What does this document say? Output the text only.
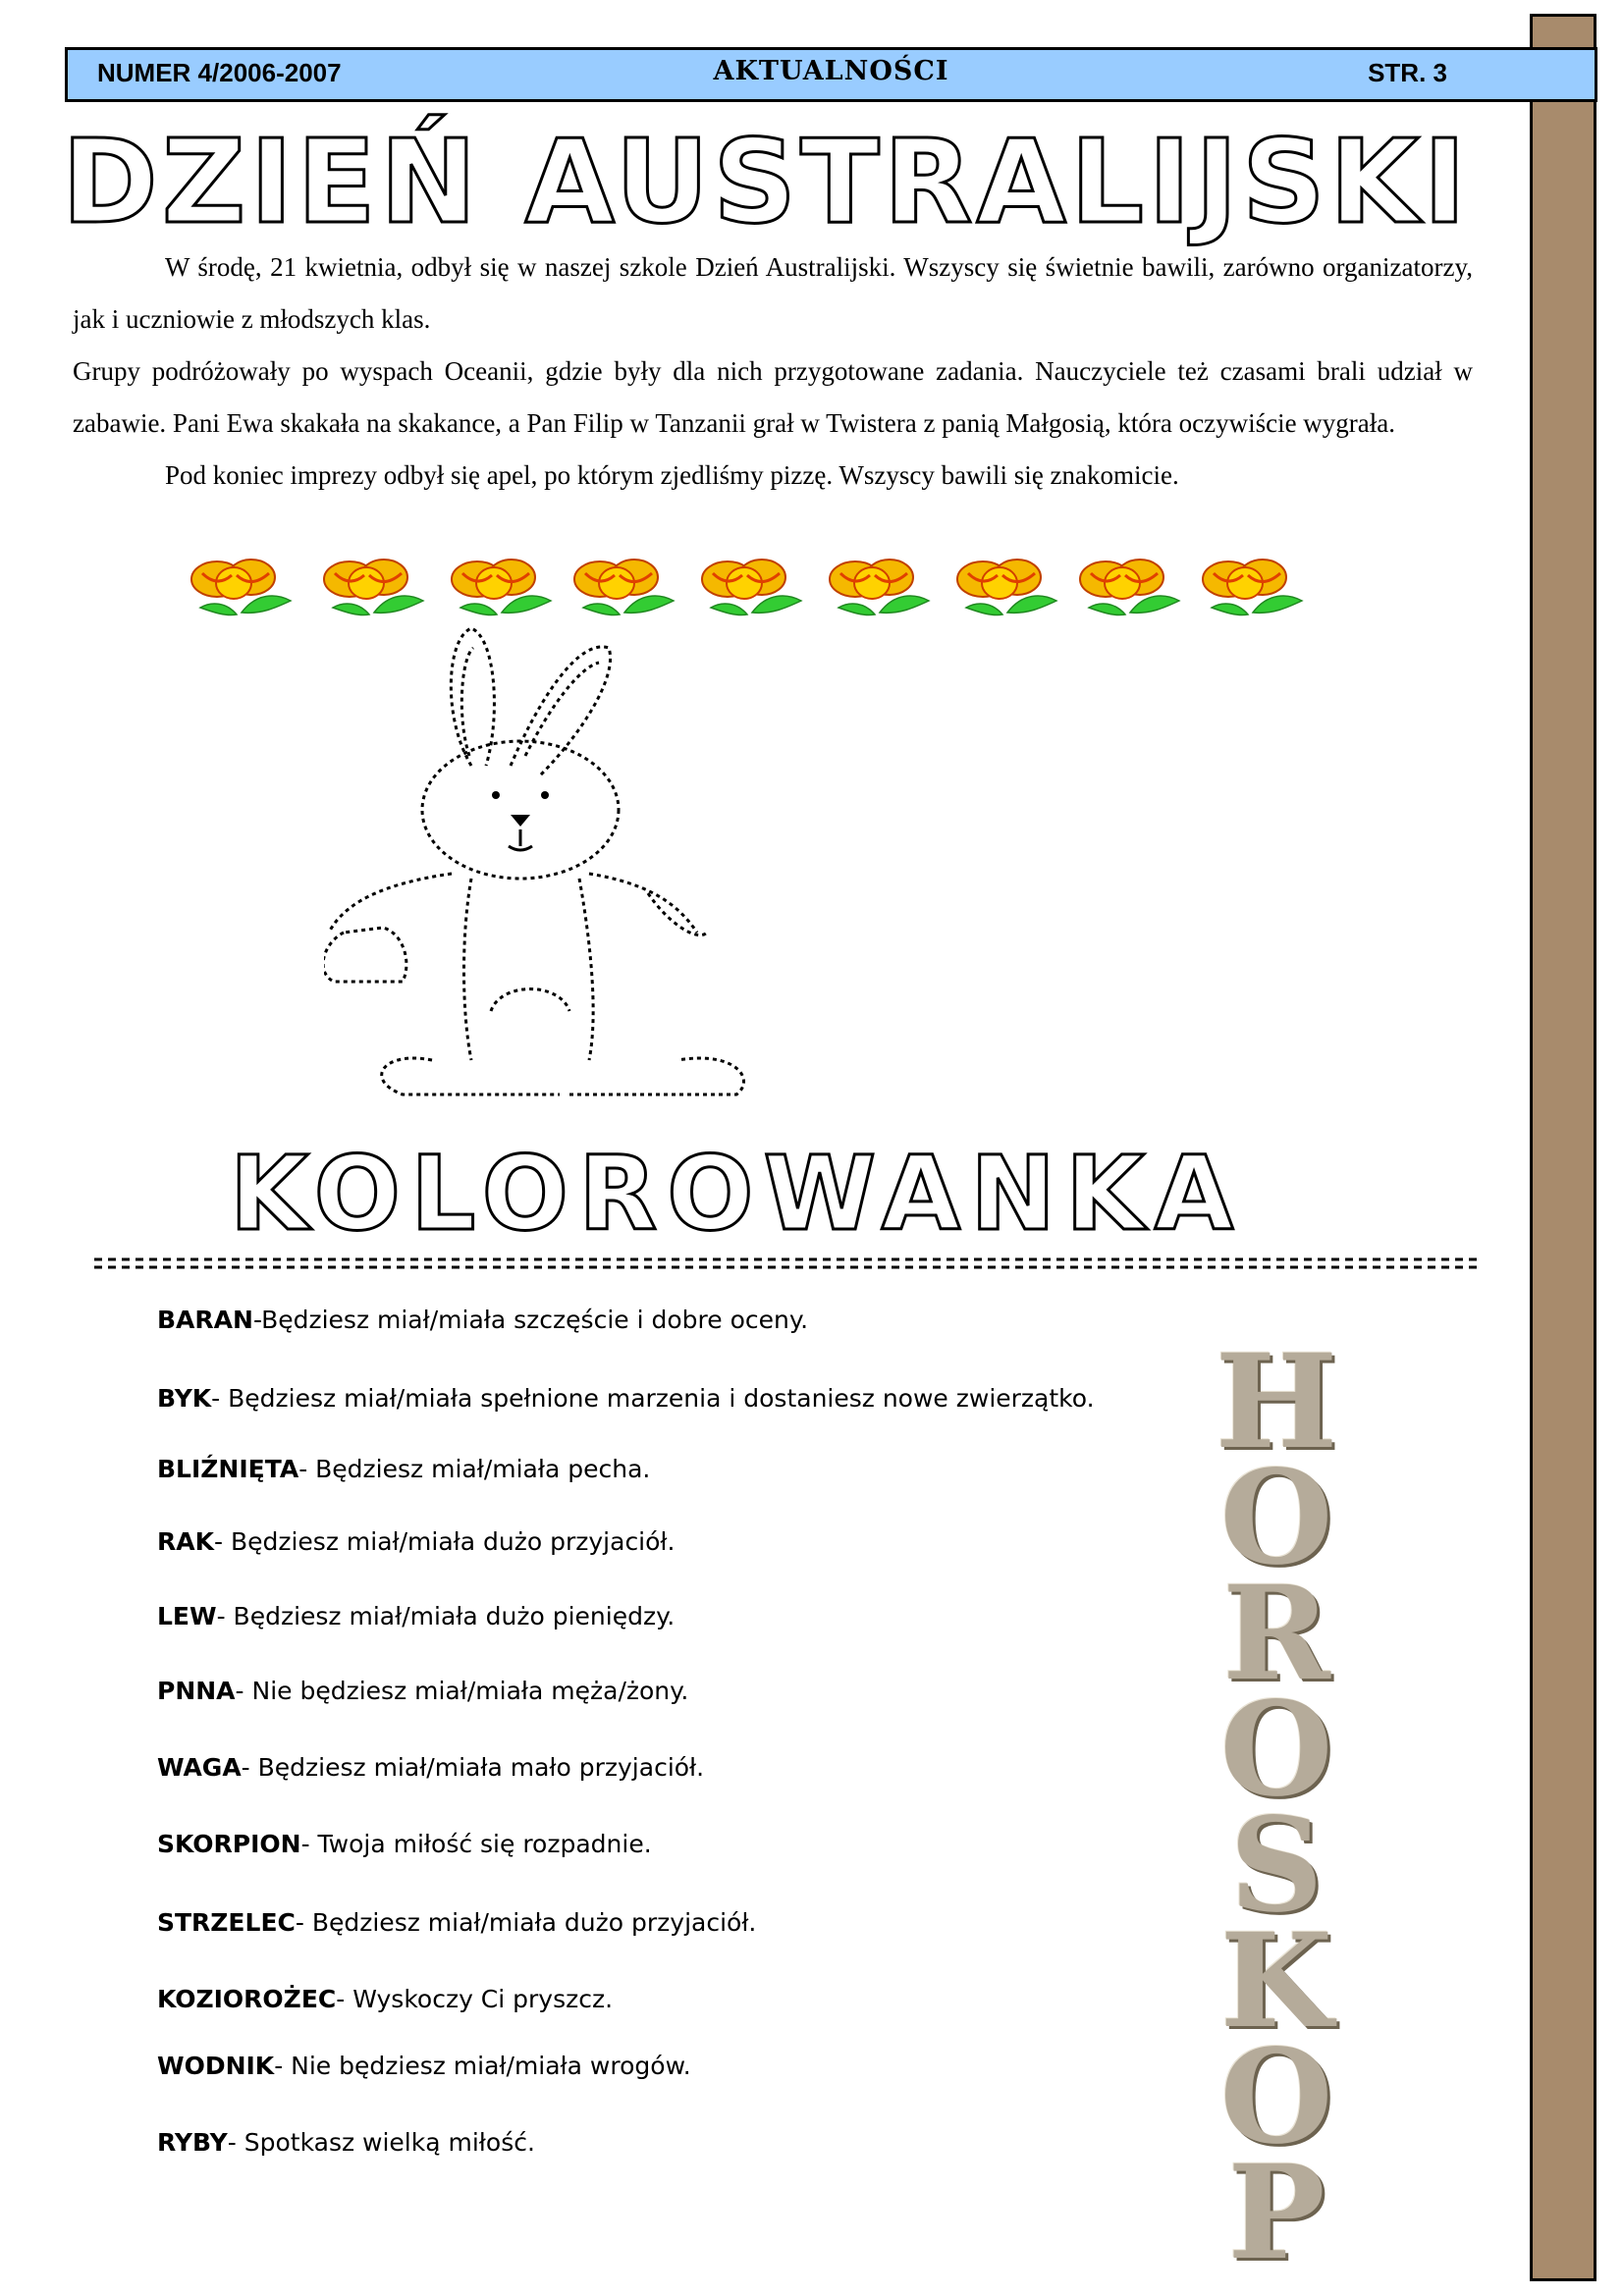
NUMER 4/2006-2007	AKTUALNOŚCI	STR. 3
DZIEŃ AUSTRALIJSKI

W środę, 21 kwietnia, odbył się w naszej szkole Dzień Australijski. Wszyscy się świetnie bawili, zarówno organizatorzy, jak i uczniowie z młodszych klas.

Grupy podróżowały po wyspach Oceanii, gdzie były dla nich przygotowane zadania. Nauczyciele też czasami brali udział w zabawie. Pani Ewa skakała na skakance, a Pan Filip w Tanzanii grał w Twistera z panią Małgosią, która oczywiście wygrała.

Pod koniec imprezy odbył się apel, po którym zjedliśmy pizzę. Wszyscy bawili się znakomicie.

KOLOROWANKA
BARAN-Będziesz miał/miała szczęście i dobre oceny.
BYK- Będziesz miał/miała spełnione marzenia i dostaniesz nowe zwierzątko.
BLIŹNIĘTA- Będziesz miał/miała pecha.
RAK- Będziesz miał/miała dużo przyjaciół.
LEW- Będziesz miał/miała dużo pieniędzy.
PNNA- Nie będziesz miał/miała męża/żony.
WAGA- Będziesz miał/miała mało przyjaciół.
SKORPION- Twoja miłość się rozpadnie.
STRZELEC- Będziesz miał/miała dużo przyjaciół.
KOZIOROŻEC- Wyskoczy Ci pryszcz.
WODNIK- Nie będziesz miał/miała wrogów.
RYBY- Spotkasz wielką miłość.
H
O
R
O
S
K
O
P
